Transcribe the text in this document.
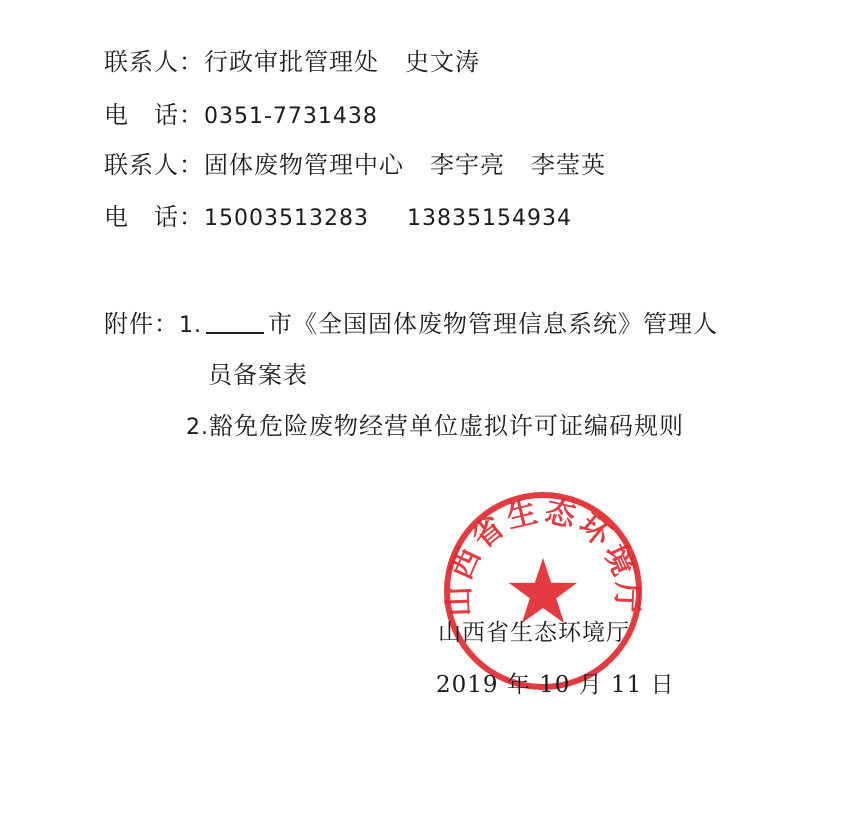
联系人：行政审批管理处 史文涛
电　话：0351-7731438
联系人：固体废物管理中心 李宇亮 李莹英
电　话：15003513283 13835154934
附件：1.	市《全国固体废物管理信息系统》管理人
员备案表
2.豁免危险废物经营单位虚拟许可证编码规则
山西省生态环境厅
山西省生态环境厅
2019 年 10 月 11 日
